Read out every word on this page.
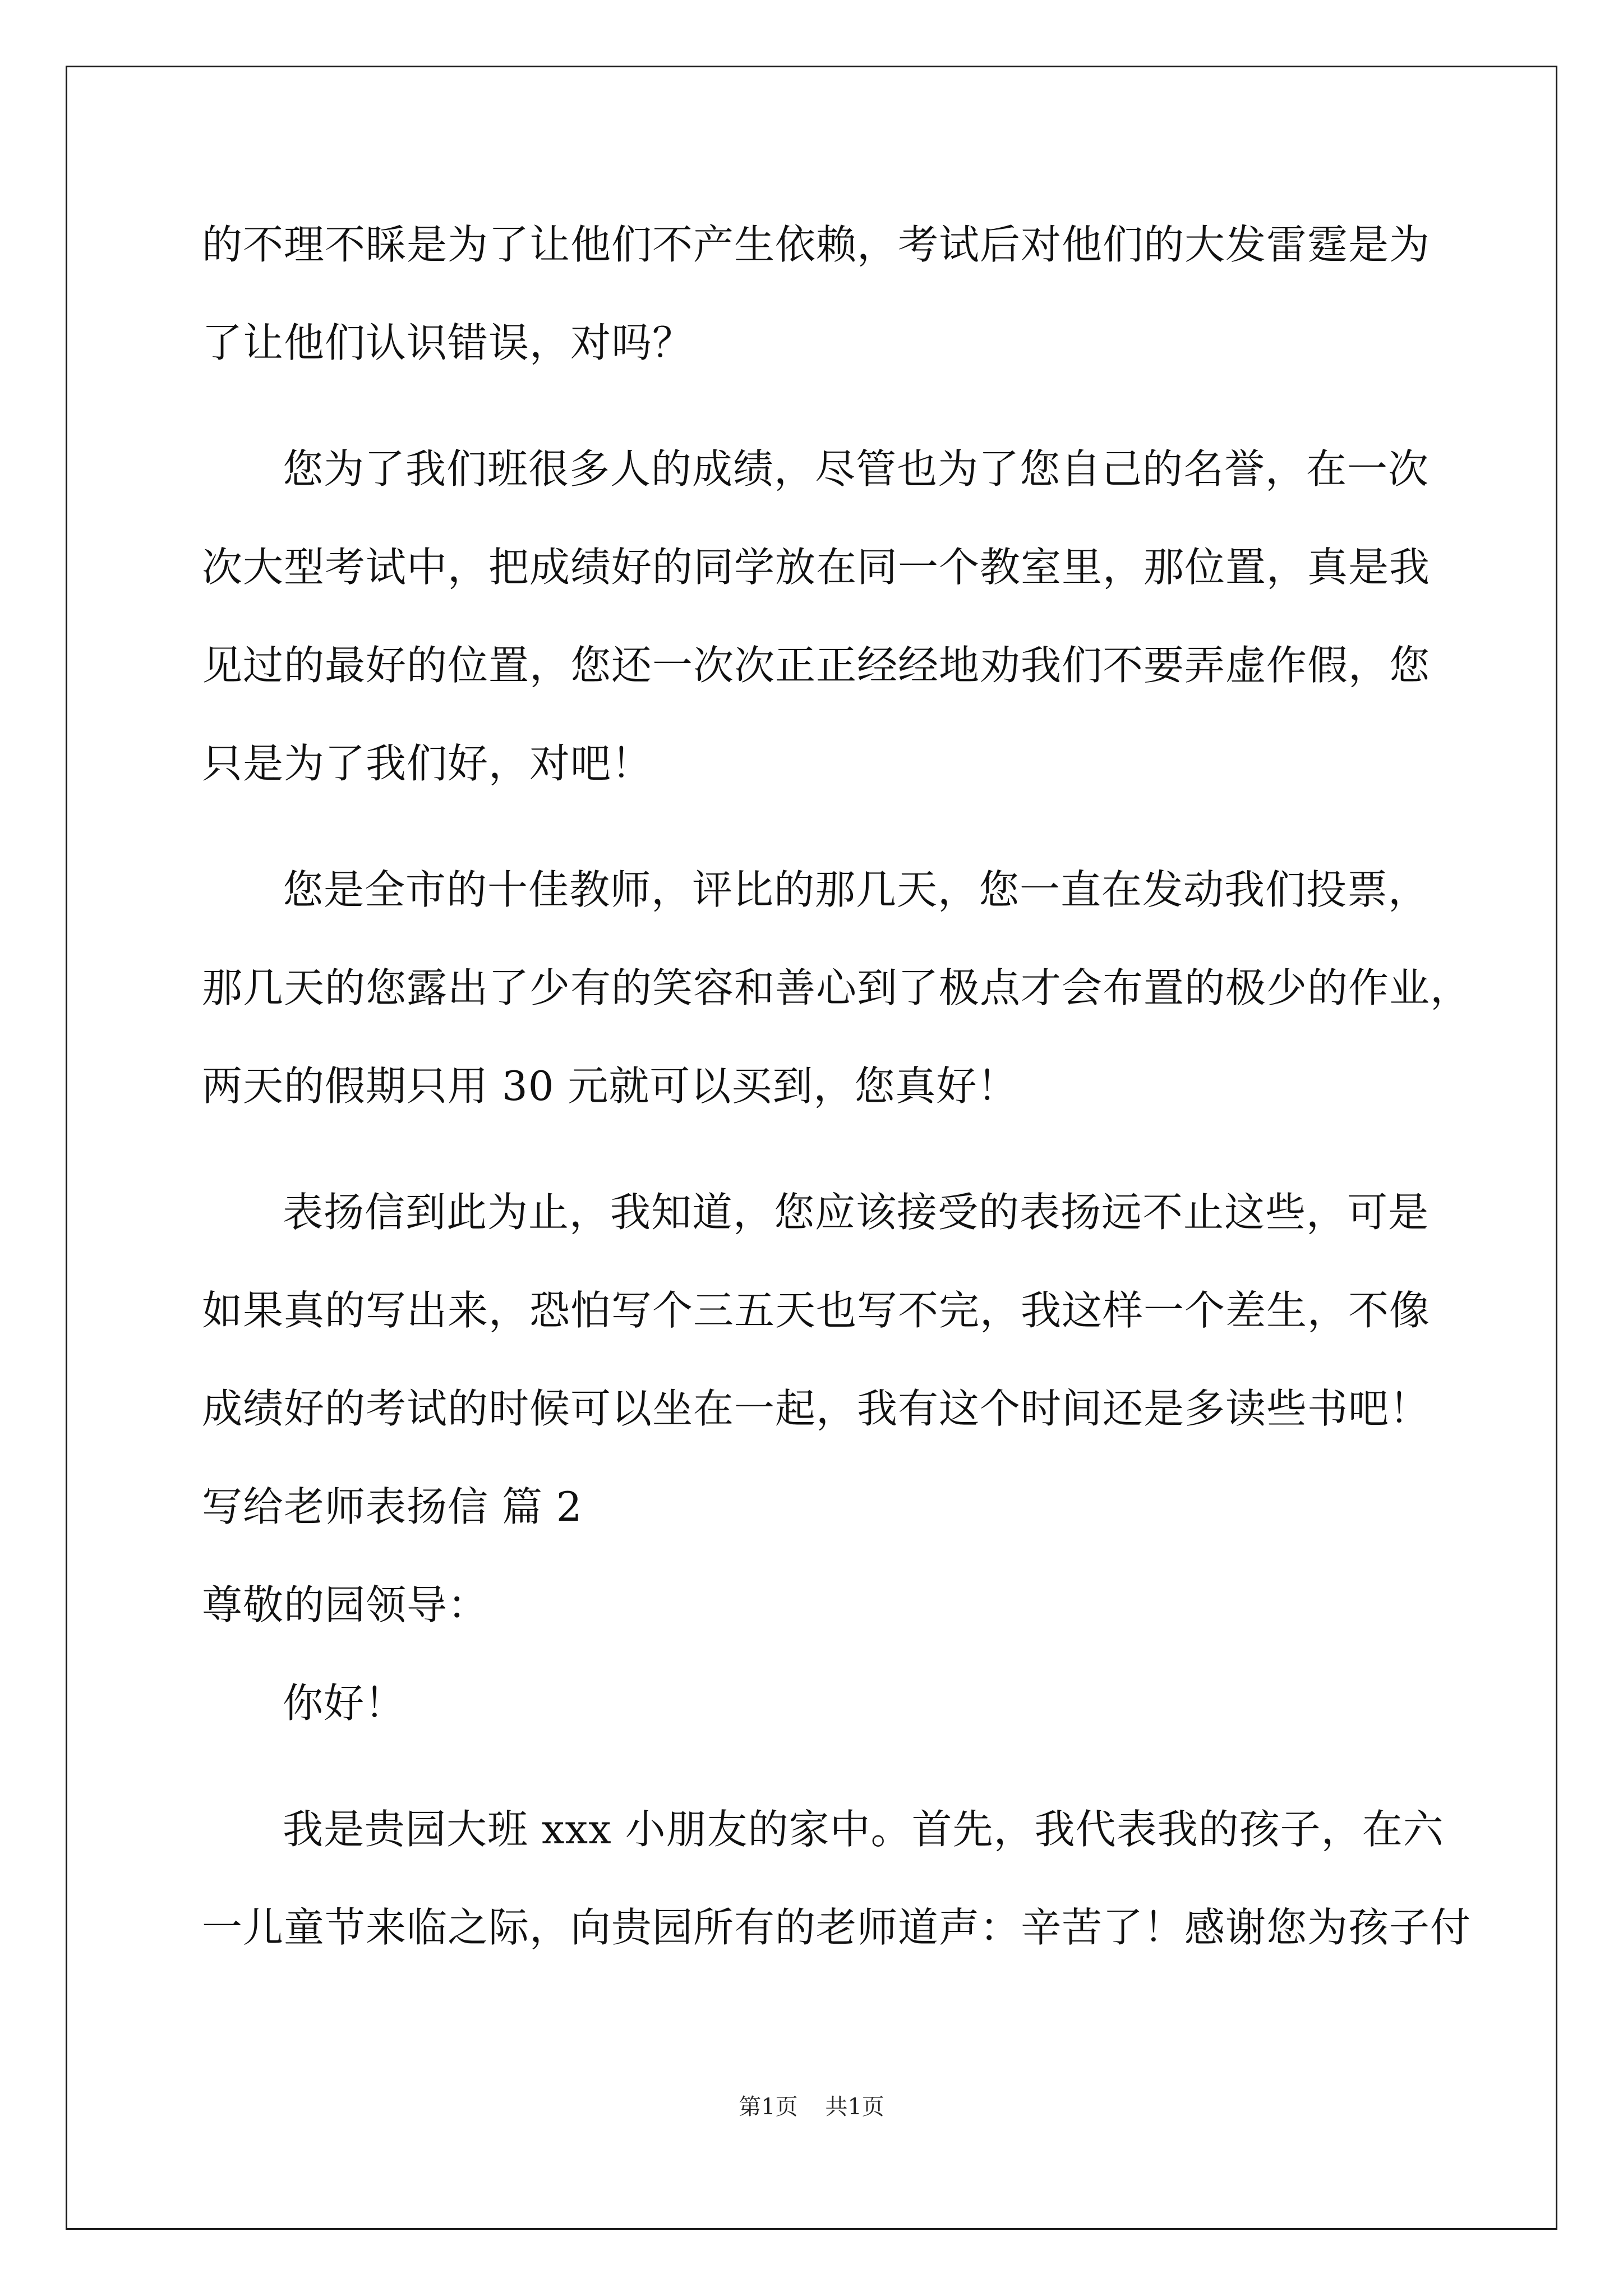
的不理不睬是为了让他们不产生依赖，考试后对他们的大发雷霆是为
了让他们认识错误，对吗？
您为了我们班很多人的成绩，尽管也为了您自己的名誉，在一次
次大型考试中，把成绩好的同学放在同一个教室里，那位置，真是我
见过的最好的位置，您还一次次正正经经地劝我们不要弄虚作假，您
只是为了我们好，对吧！
您是全市的十佳教师，评比的那几天，您一直在发动我们投票，
那几天的您露出了少有的笑容和善心到了极点才会布置的极少的作业，
两天的假期只用 30 元就可以买到，您真好！
表扬信到此为止，我知道，您应该接受的表扬远不止这些，可是
如果真的写出来，恐怕写个三五天也写不完，我这样一个差生，不像
成绩好的考试的时候可以坐在一起，我有这个时间还是多读些书吧！
写给老师表扬信 篇 2
尊敬的园领导：
你好！
我是贵园大班 xxx 小朋友的家中。首先，我代表我的孩子，在六
一儿童节来临之际，向贵园所有的老师道声：辛苦了！感谢您为孩子付
第1页 共1页
